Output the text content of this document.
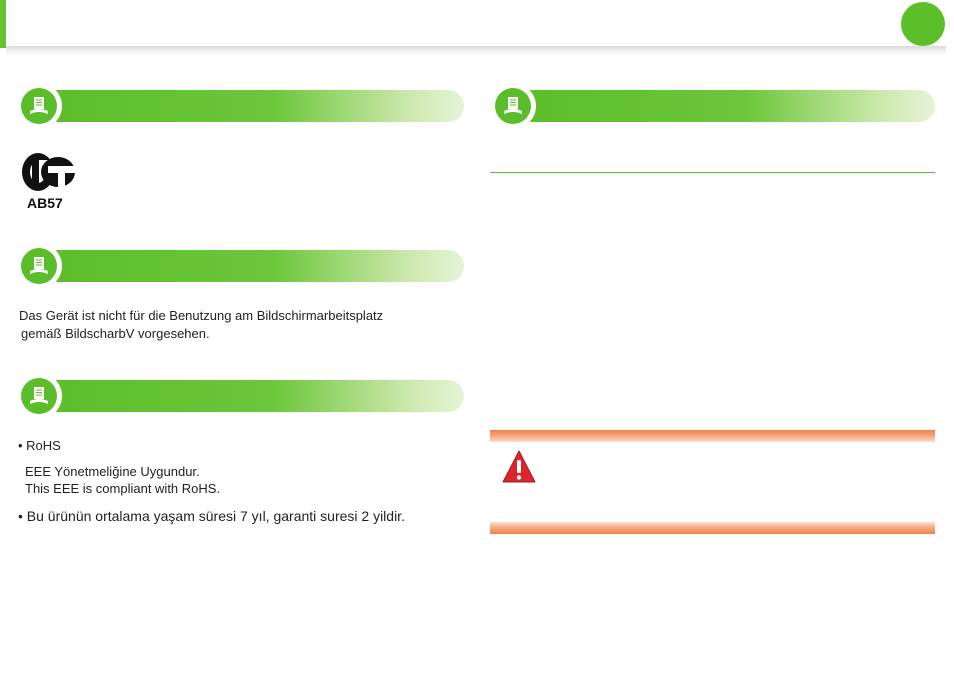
AB57
Das Gerät ist nicht für die Benutzung am Bildschirmarbeitsplatz
gemäß BildscharbV vorgesehen.
• RoHS
EEE Yönetmeliğine Uygundur.
This EEE is compliant with RoHS.
• Bu ürünün ortalama yaşam süresi 7 yıl, garanti suresi 2 yildir.
